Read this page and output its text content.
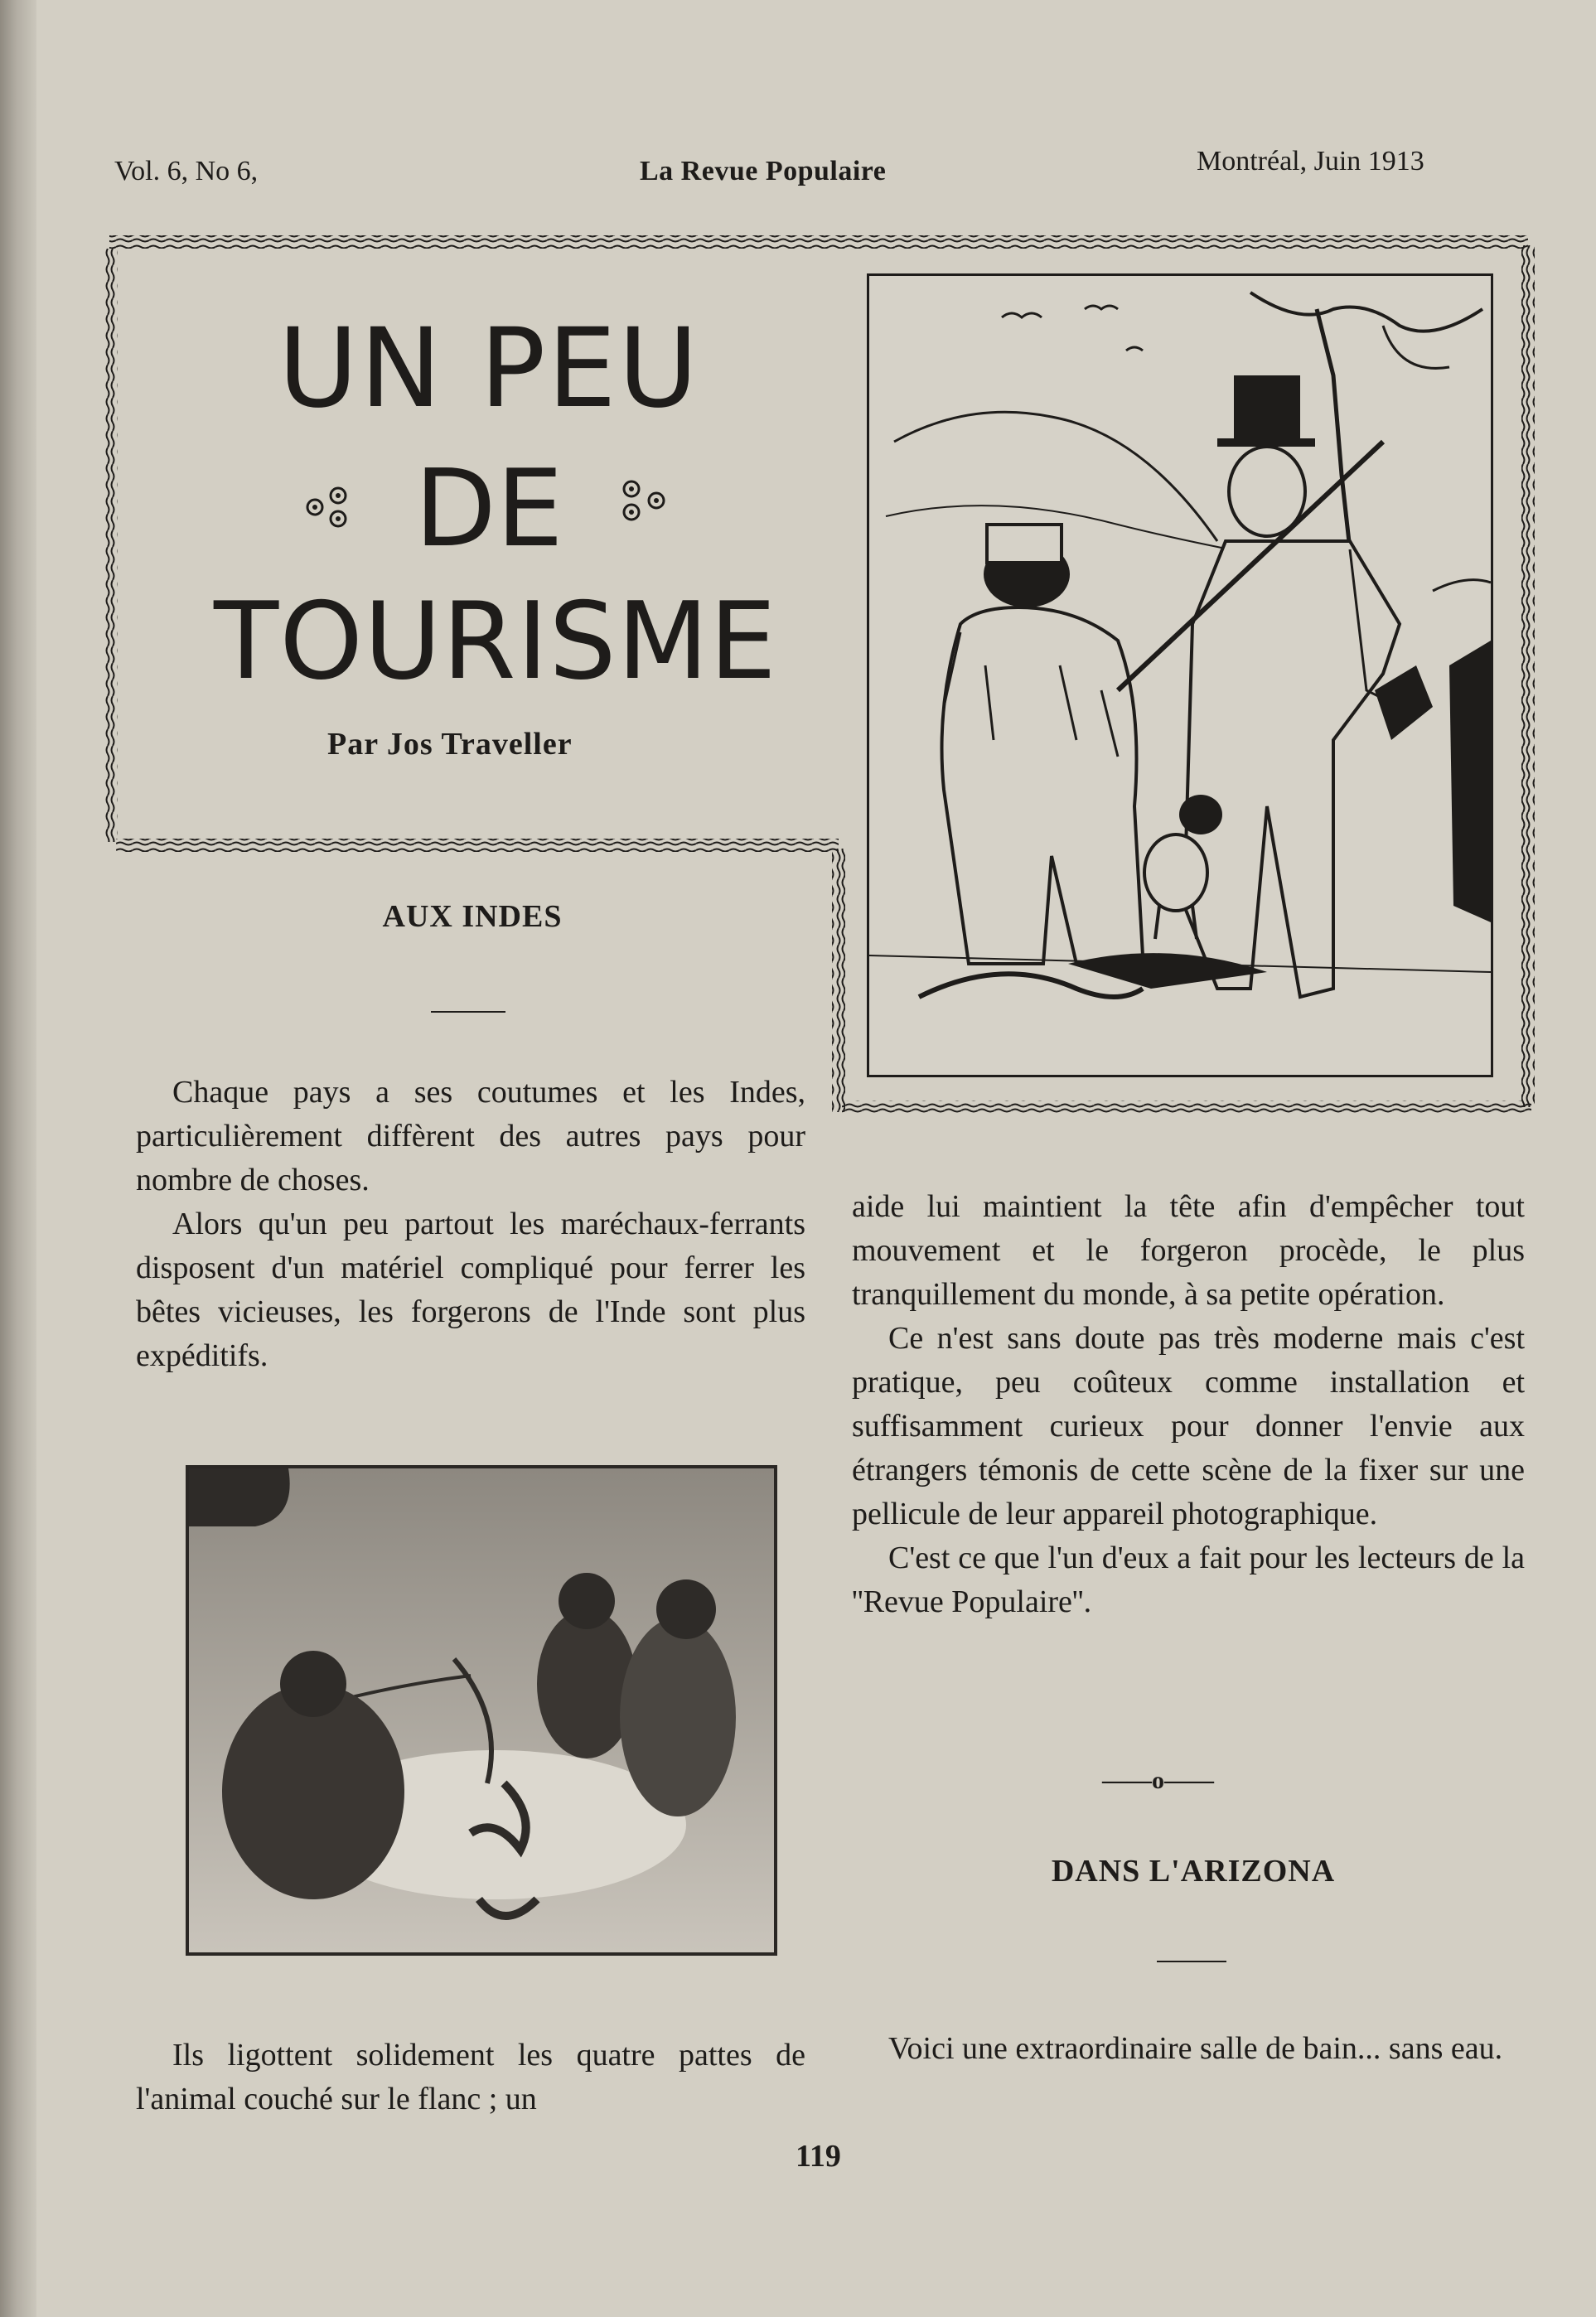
Vol. 6, No 6,	La Revue Populaire	Montréal, Juin 1913
UN PEU
DE
TOURISME
Par Jos Traveller
AUX INDES

Chaque pays a ses coutumes et les Indes, particulièrement diffèrent des autres pays pour nombre de choses.

Alors qu'un peu partout les maréchaux-ferrants disposent d'un matériel compliqué pour ferrer les bêtes vicieuses, les forgerons de l'Inde sont plus expéditifs.

Ils ligottent solidement les quatre pattes de l'animal couché sur le flanc ; un

aide lui maintient la tête afin d'empêcher tout mouvement et le forgeron procède, le plus tranquillement du monde, à sa petite opération.

Ce n'est sans doute pas très moderne mais c'est pratique, peu coûteux comme installation et suffisamment curieux pour donner l'envie aux étrangers témonis de cette scène de la fixer sur une pellicule de leur appareil photographique.

C'est ce que l'un d'eux a fait pour les lecteurs de la ''Revue Populaire''.

——o——
DANS L'ARIZONA

Voici une extraordinaire salle de bain... sans eau.

119
